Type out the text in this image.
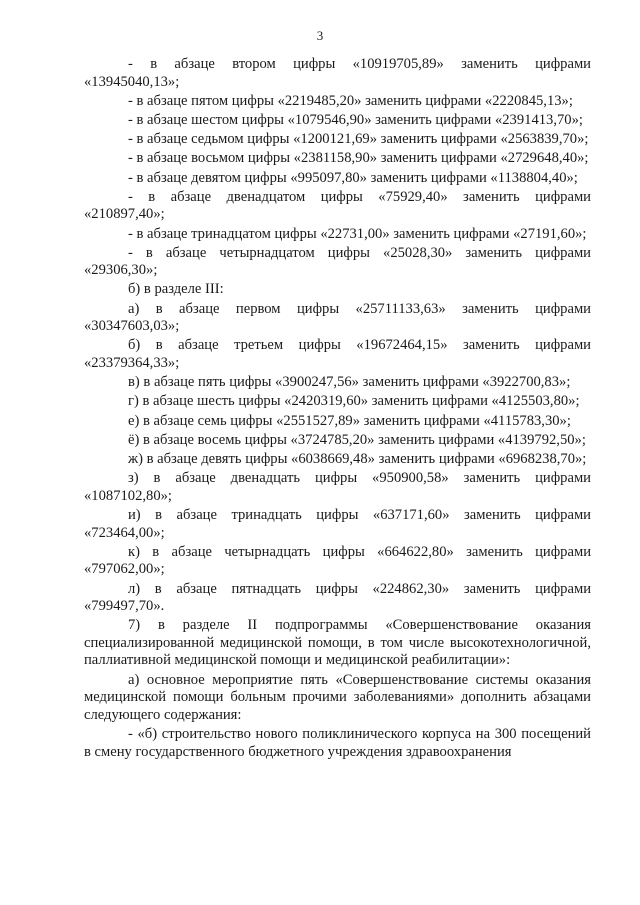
3

- в абзаце втором цифры «10919705,89» заменить цифрами «13945040,13»;

- в абзаце пятом цифры «2219485,20» заменить цифрами «2220845,13»;

- в абзаце шестом цифры «1079546,90» заменить цифрами «2391413,70»;

- в абзаце седьмом цифры «1200121,69» заменить цифрами «2563839,70»;

- в абзаце восьмом цифры «2381158,90» заменить цифрами «2729648,40»;

- в абзаце девятом цифры «995097,80» заменить цифрами «1138804,40»;

- в абзаце двенадцатом цифры «75929,40» заменить цифрами «210897,40»;

- в абзаце тринадцатом цифры «22731,00» заменить цифрами «27191,60»;

- в абзаце четырнадцатом цифры «25028,30» заменить цифрами «29306,30»;

б) в разделе III:

а) в абзаце первом цифры «25711133,63» заменить цифрами «30347603,03»;

б) в абзаце третьем цифры «19672464,15» заменить цифрами «23379364,33»;

в) в абзаце пять цифры «3900247,56» заменить цифрами «3922700,83»;

г) в абзаце шесть цифры «2420319,60» заменить цифрами «4125503,80»;

е) в абзаце семь цифры «2551527,89» заменить цифрами «4115783,30»;

ё) в абзаце восемь цифры «3724785,20» заменить цифрами «4139792,50»;

ж) в абзаце девять цифры «6038669,48» заменить цифрами «6968238,70»;

з) в абзаце двенадцать цифры «950900,58» заменить цифрами «1087102,80»;

и) в абзаце тринадцать цифры «637171,60» заменить цифрами «723464,00»;

к) в абзаце четырнадцать цифры «664622,80» заменить цифрами «797062,00»;

л) в абзаце пятнадцать цифры «224862,30» заменить цифрами «799497,70».

7) в разделе II подпрограммы «Совершенствование оказания специализированной медицинской помощи, в том числе высокотехнологичной, паллиативной медицинской помощи и медицинской реабилитации»:

а) основное мероприятие пять «Совершенствование системы оказания медицинской помощи больным прочими заболеваниями» дополнить абзацами следующего содержания:

- «б) строительство нового поликлинического корпуса на 300 посещений в смену государственного бюджетного учреждения здравоохранения
